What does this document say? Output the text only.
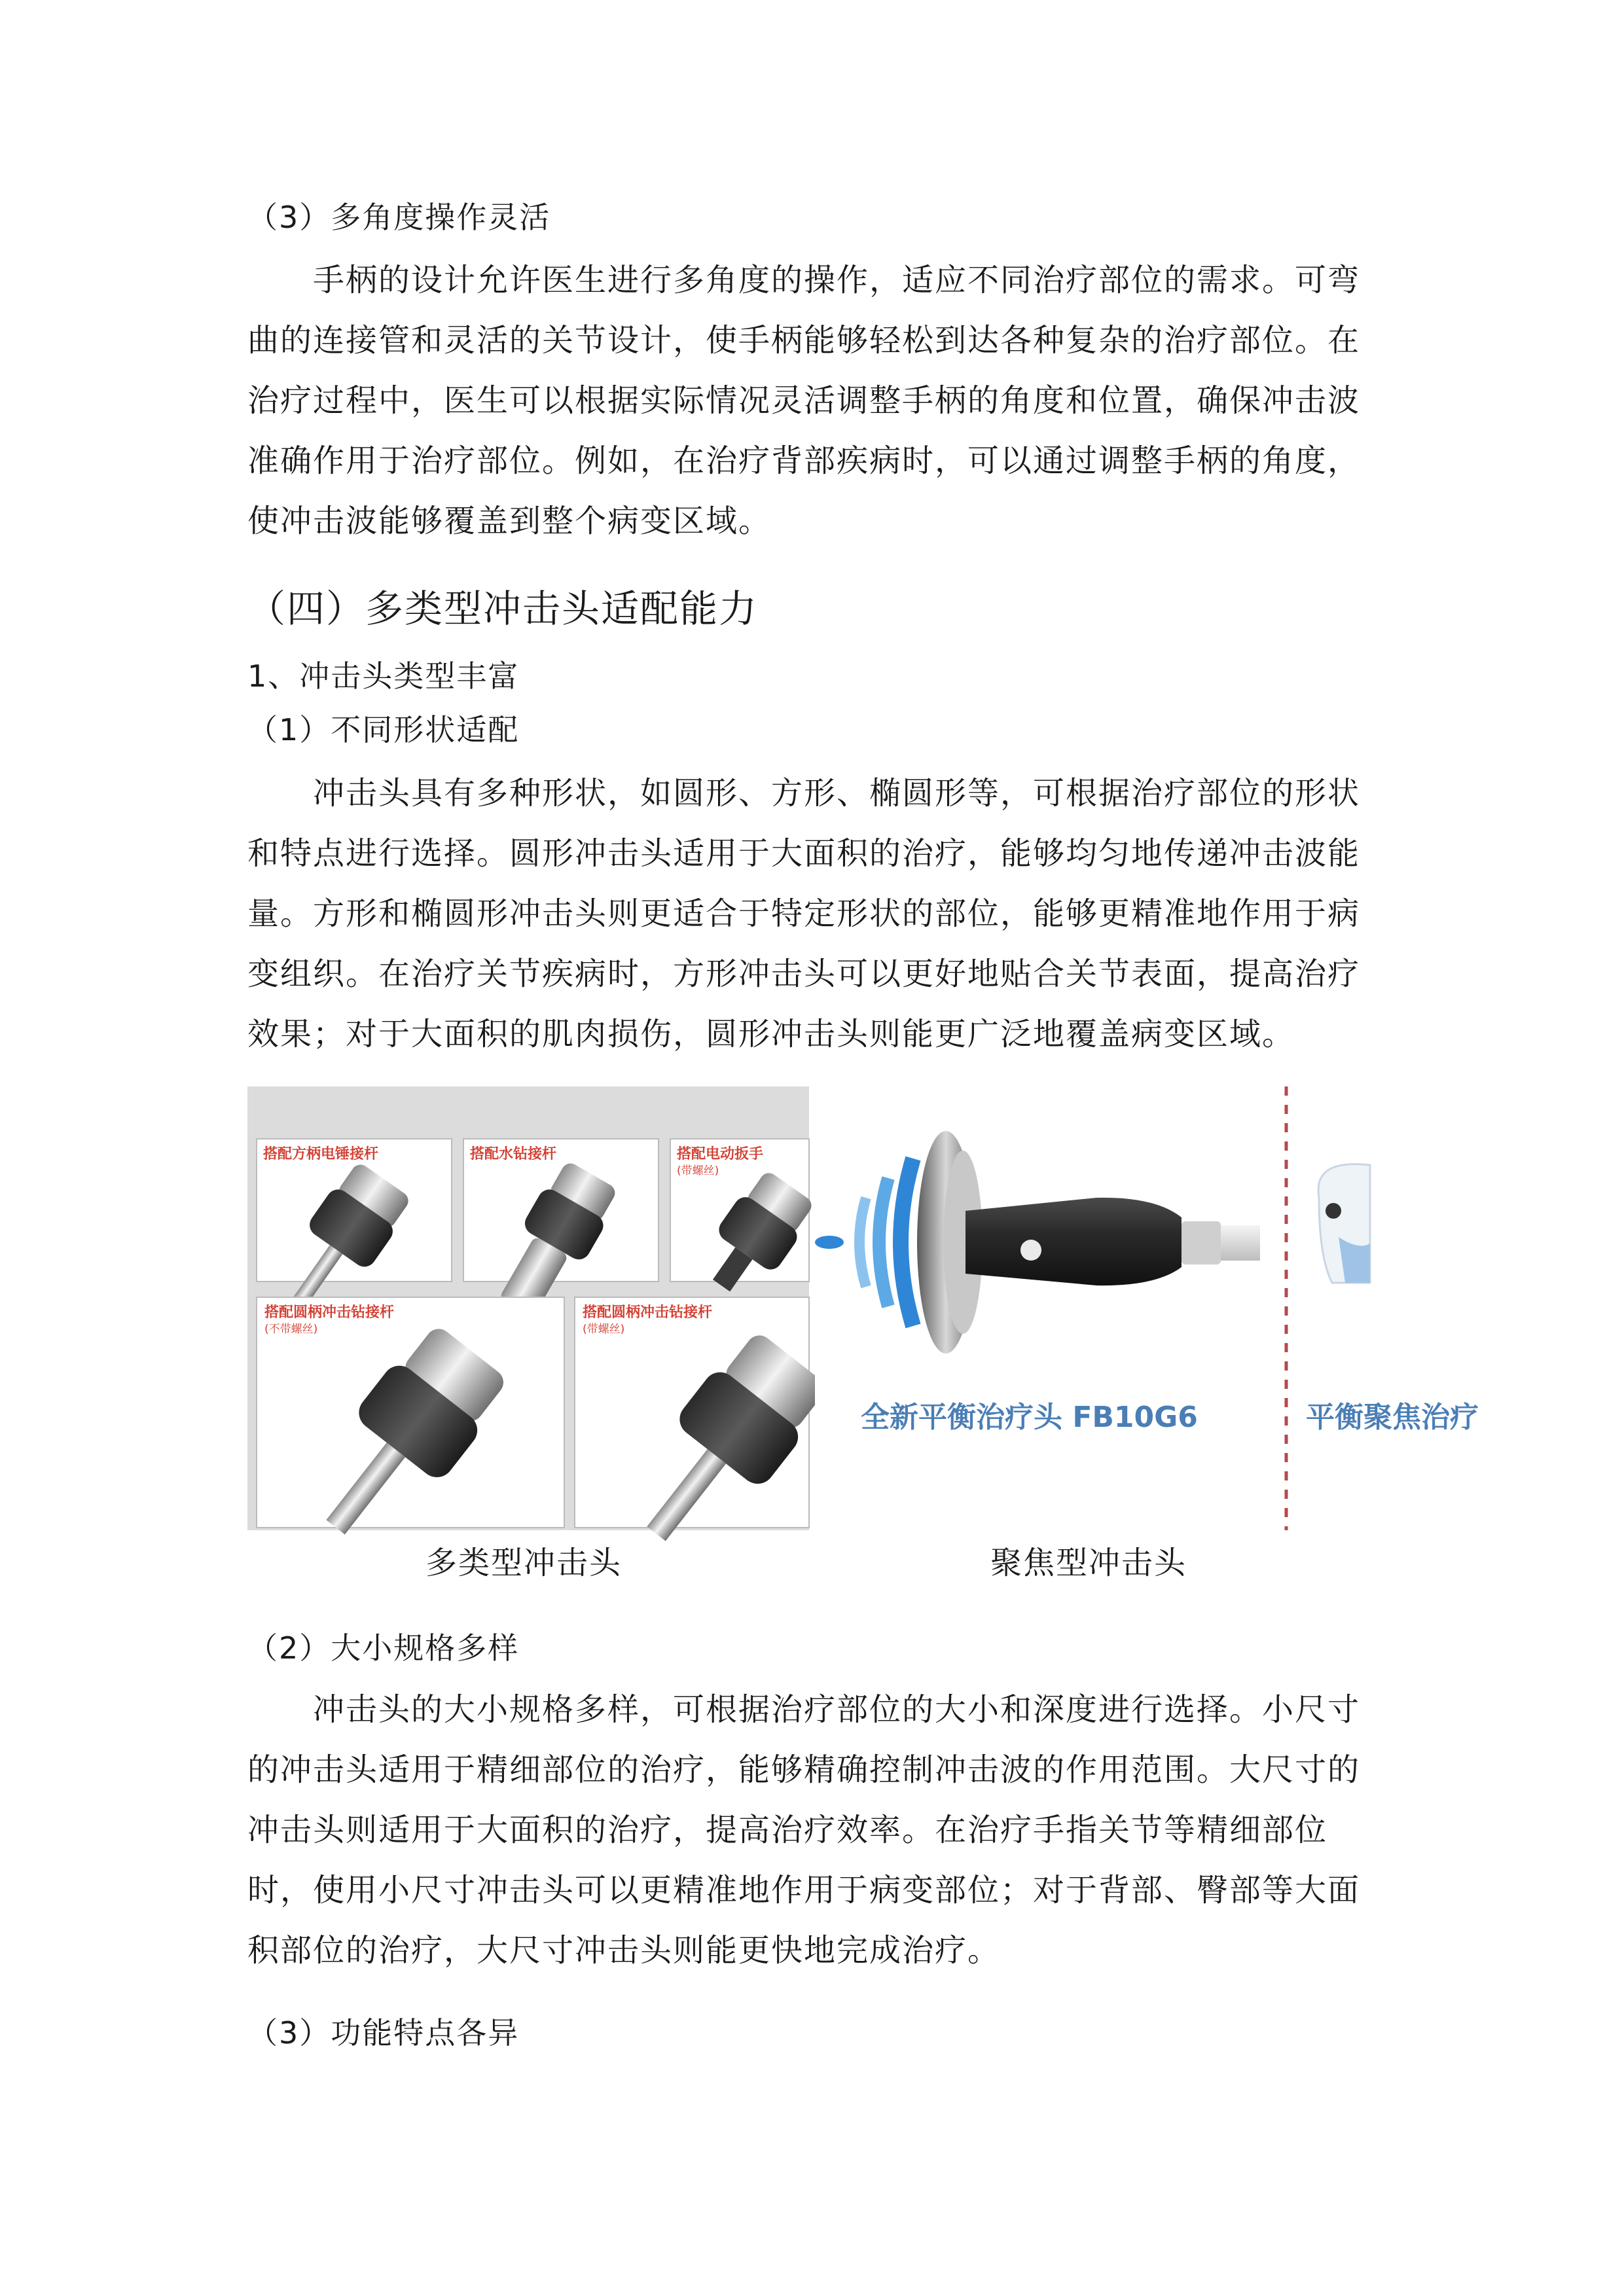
（3）多角度操作灵活
手柄的设计允许医生进行多角度的操作，适应不同治疗部位的需求。可弯
曲的连接管和灵活的关节设计，使手柄能够轻松到达各种复杂的治疗部位。在
治疗过程中，医生可以根据实际情况灵活调整手柄的角度和位置，确保冲击波
准确作用于治疗部位。例如，在治疗背部疾病时，可以通过调整手柄的角度，
使冲击波能够覆盖到整个病变区域。
（四）多类型冲击头适配能力
1、冲击头类型丰富
（1）不同形状适配
冲击头具有多种形状，如圆形、方形、椭圆形等，可根据治疗部位的形状
和特点进行选择。圆形冲击头适用于大面积的治疗，能够均匀地传递冲击波能
量。方形和椭圆形冲击头则更适合于特定形状的部位，能够更精准地作用于病
变组织。在治疗关节疾病时，方形冲击头可以更好地贴合关节表面，提高治疗
效果；对于大面积的肌肉损伤，圆形冲击头则能更广泛地覆盖病变区域。
搭配方柄电锤接杆	搭配水钻接杆	搭配电动扳手
(带螺丝)
搭配圆柄冲击钻接杆
(不带螺丝)
搭配圆柄冲击钻接杆
(带螺丝)
全新平衡治疗头 FB10G6	平衡聚焦治疗
多类型冲击头	聚焦型冲击头
（2）大小规格多样
冲击头的大小规格多样，可根据治疗部位的大小和深度进行选择。小尺寸
的冲击头适用于精细部位的治疗，能够精确控制冲击波的作用范围。大尺寸的
冲击头则适用于大面积的治疗，提高治疗效率。在治疗手指关节等精细部位
时，使用小尺寸冲击头可以更精准地作用于病变部位；对于背部、臀部等大面
积部位的治疗，大尺寸冲击头则能更快地完成治疗。
（3）功能特点各异
